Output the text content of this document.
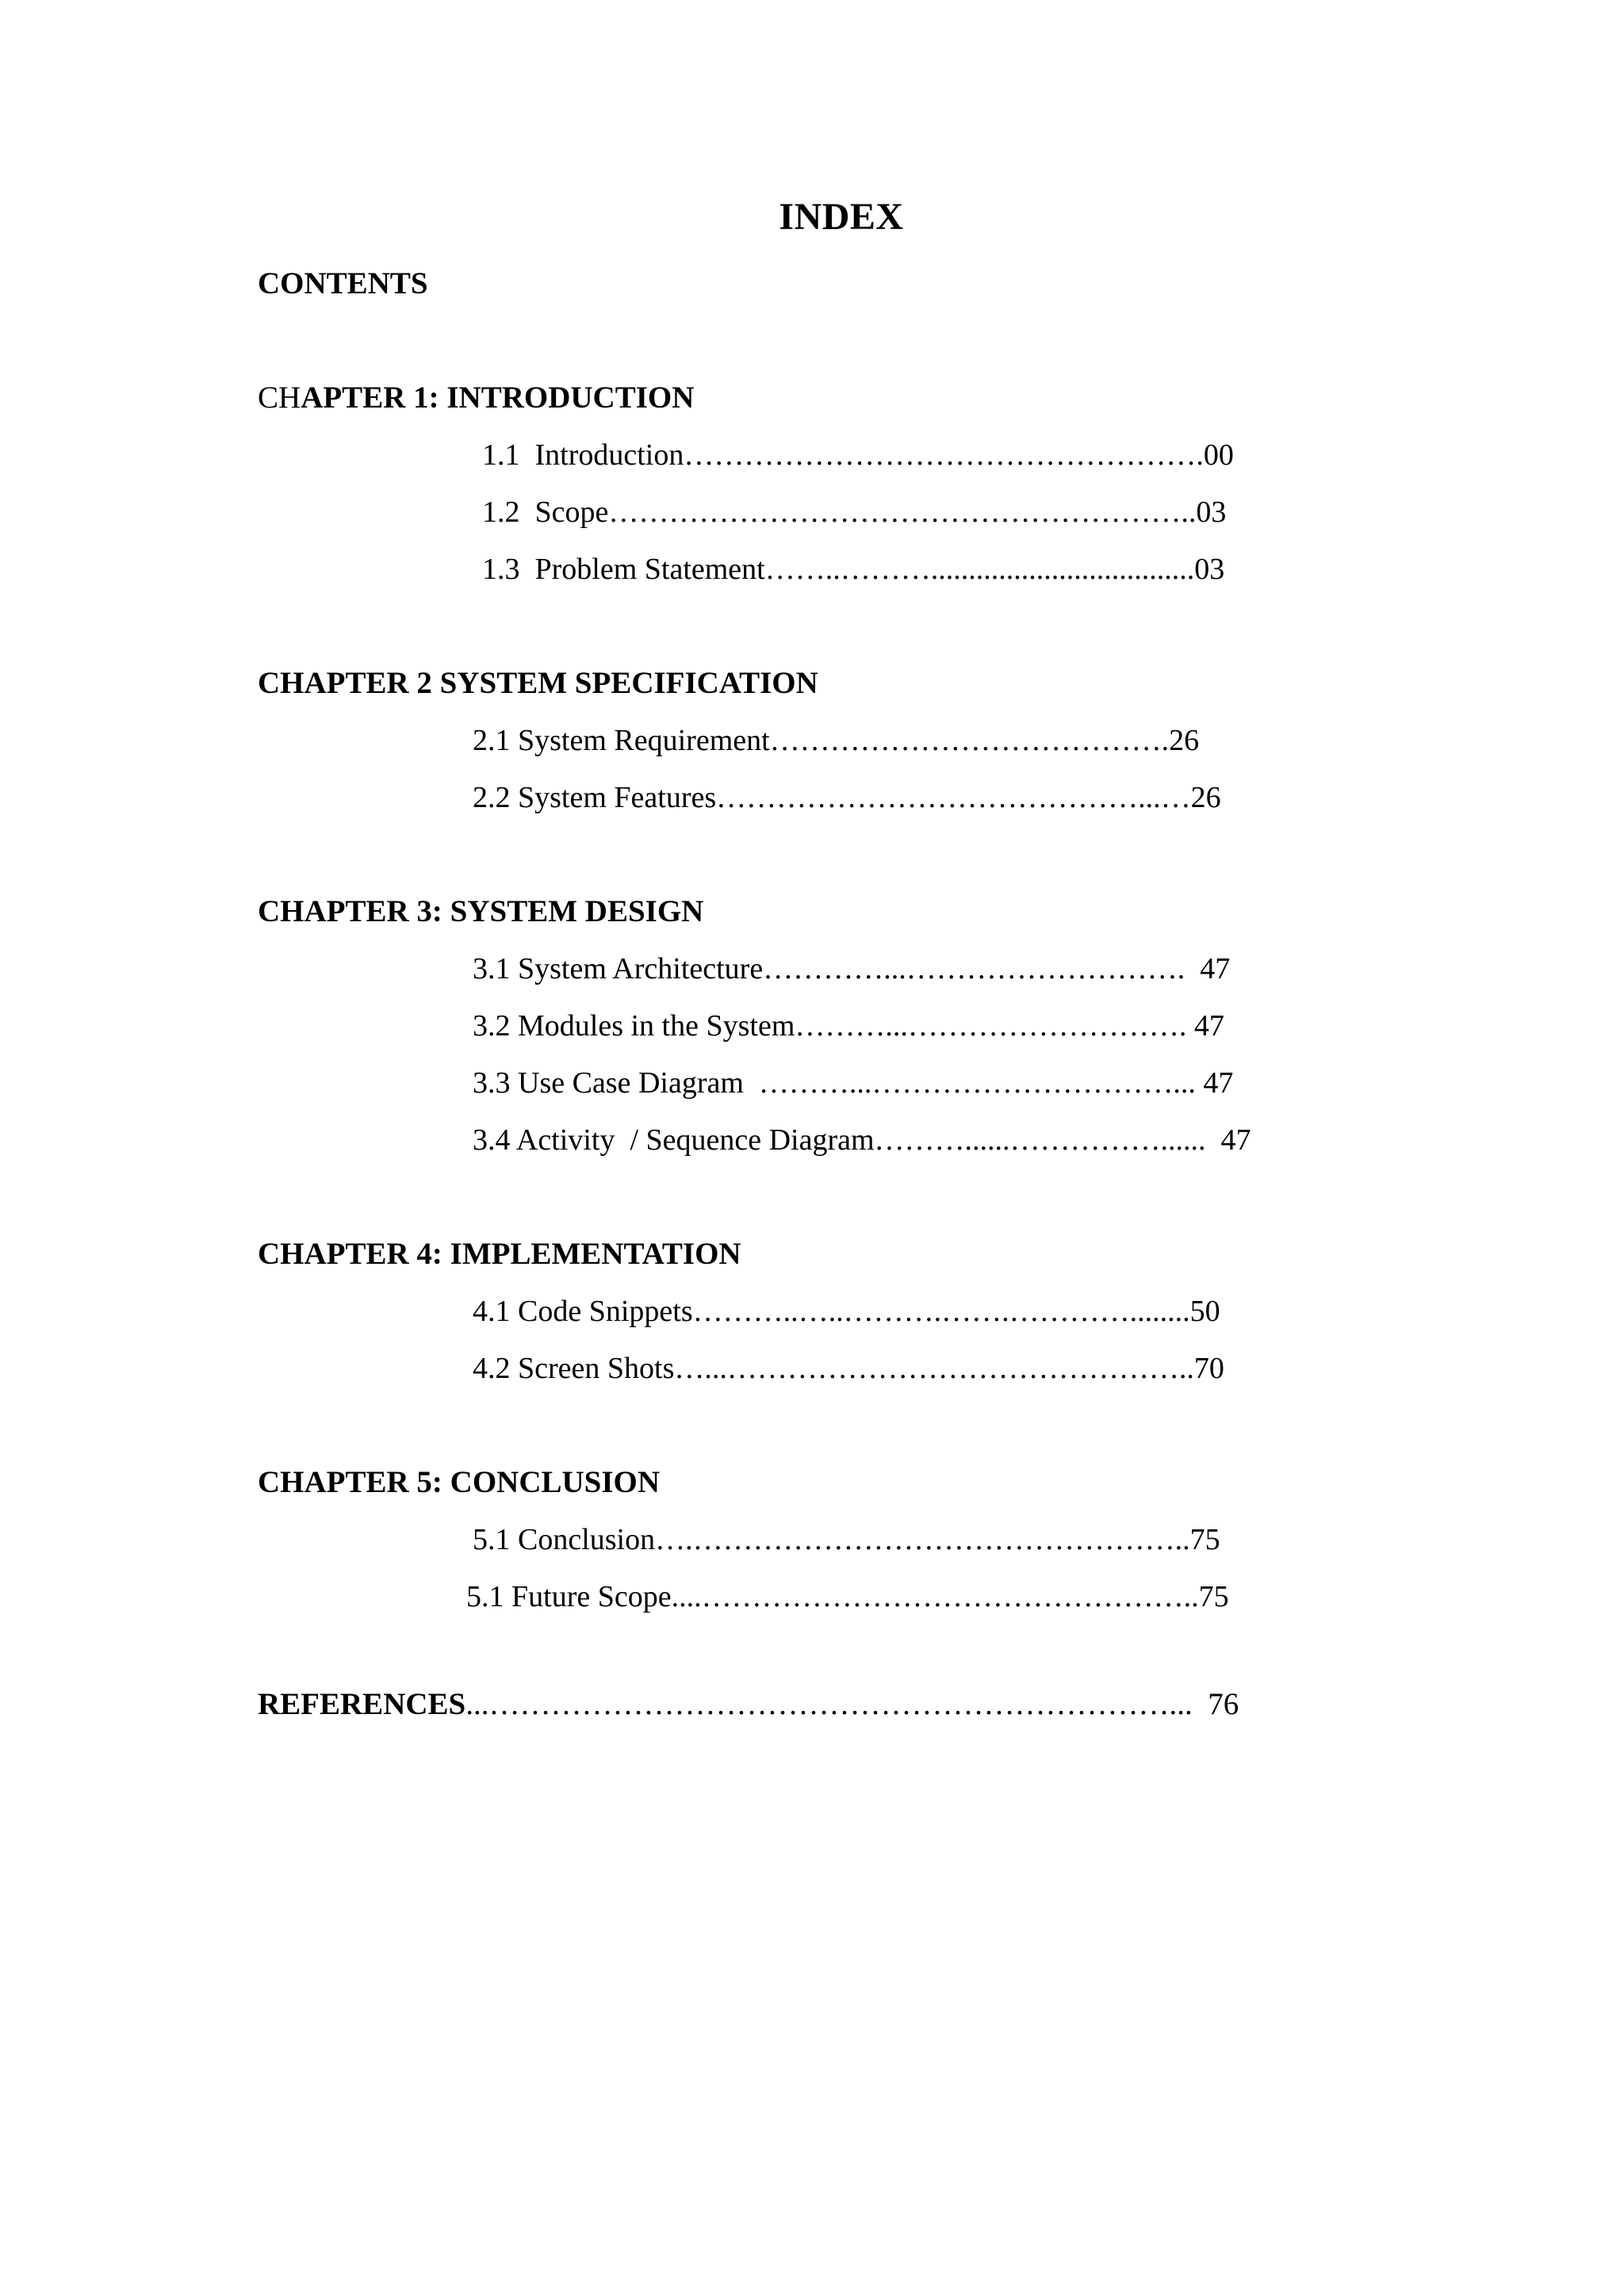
INDEX
CONTENTS
CHAPTER 1: INTRODUCTION
1.1  Introduction…………………………………………….00
1.2  Scope…………………………………………………..03
1.3  Problem Statement……..………...................................03
CHAPTER 2 SYSTEM SPECIFICATION
2.1 System Requirement………………………………….26
2.2 System Features……………………………………...…26
CHAPTER 3: SYSTEM DESIGN
3.1 System Architecture…………...……………………….  47
3.2 Modules in the System………...………………………. 47
3.3 Use Case Diagram  ………...…………………………... 47
3.4 Activity  / Sequence Diagram………......……………......  47
CHAPTER 4: IMPLEMENTATION
4.1 Code Snippets………..…..……….…….…………........50
4.2 Screen Shots…...………………………………………..70
CHAPTER 5: CONCLUSION
5.1 Conclusion….…………………………………………..75
5.1 Future Scope....…………………………………………..75
REFERENCES...…………………………………………………………...  76
